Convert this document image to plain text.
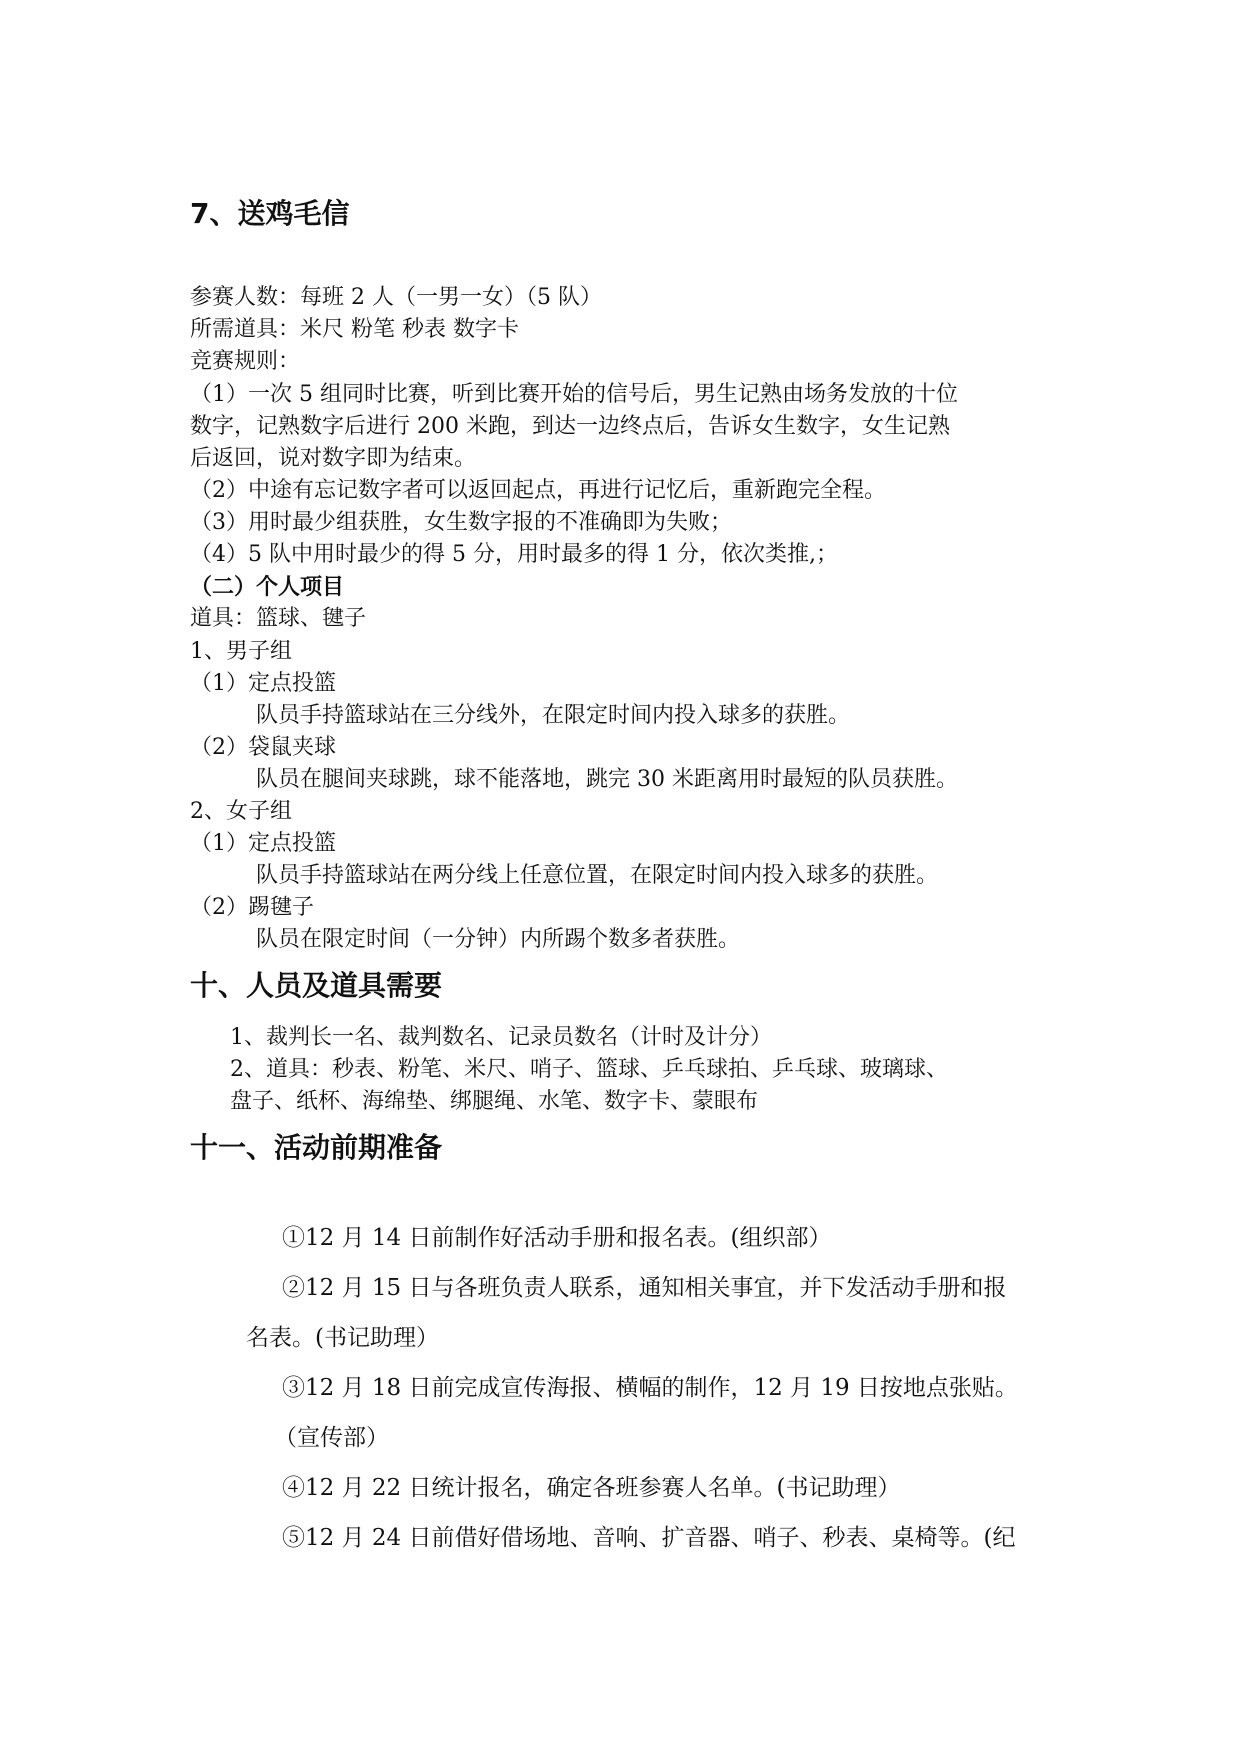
7、送鸡毛信

参赛人数：每班 2 人（一男一女）（5 队）

所需道具：米尺 粉笔 秒表 数字卡

竞赛规则：

（1）一次 5 组同时比赛，听到比赛开始的信号后，男生记熟由场务发放的十位

数字，记熟数字后进行 200 米跑，到达一边终点后，告诉女生数字，女生记熟

后返回，说对数字即为结束。

（2）中途有忘记数字者可以返回起点，再进行记忆后，重新跑完全程。

（3）用时最少组获胜，女生数字报的不准确即为失败；

（4）5 队中用时最少的得 5 分，用时最多的得 1 分，依次类推,；

（二）个人项目

道具：篮球、毽子

1、男子组

（1）定点投篮

队员手持篮球站在三分线外，在限定时间内投入球多的获胜。

（2）袋鼠夹球

队员在腿间夹球跳，球不能落地，跳完 30 米距离用时最短的队员获胜。

2、女子组

（1）定点投篮

队员手持篮球站在两分线上任意位置，在限定时间内投入球多的获胜。

（2）踢毽子

队员在限定时间（一分钟）内所踢个数多者获胜。

十、人员及道具需要

1、裁判长一名、裁判数名、记录员数名（计时及计分）

2、道具：秒表、粉笔、米尺、哨子、篮球、乒乓球拍、乒乓球、玻璃球、

盘子、纸杯、海绵垫、绑腿绳、水笔、数字卡、蒙眼布

十一、活动前期准备

①12 月 14 日前制作好活动手册和报名表。(组织部）

②12 月 15 日与各班负责人联系，通知相关事宜，并下发活动手册和报

名表。(书记助理）

③12 月 18 日前完成宣传海报、横幅的制作，12 月 19 日按地点张贴。

（宣传部）

④12 月 22 日统计报名，确定各班参赛人名单。(书记助理）

⑤12 月 24 日前借好借场地、音响、扩音器、哨子、秒表、桌椅等。(纪
